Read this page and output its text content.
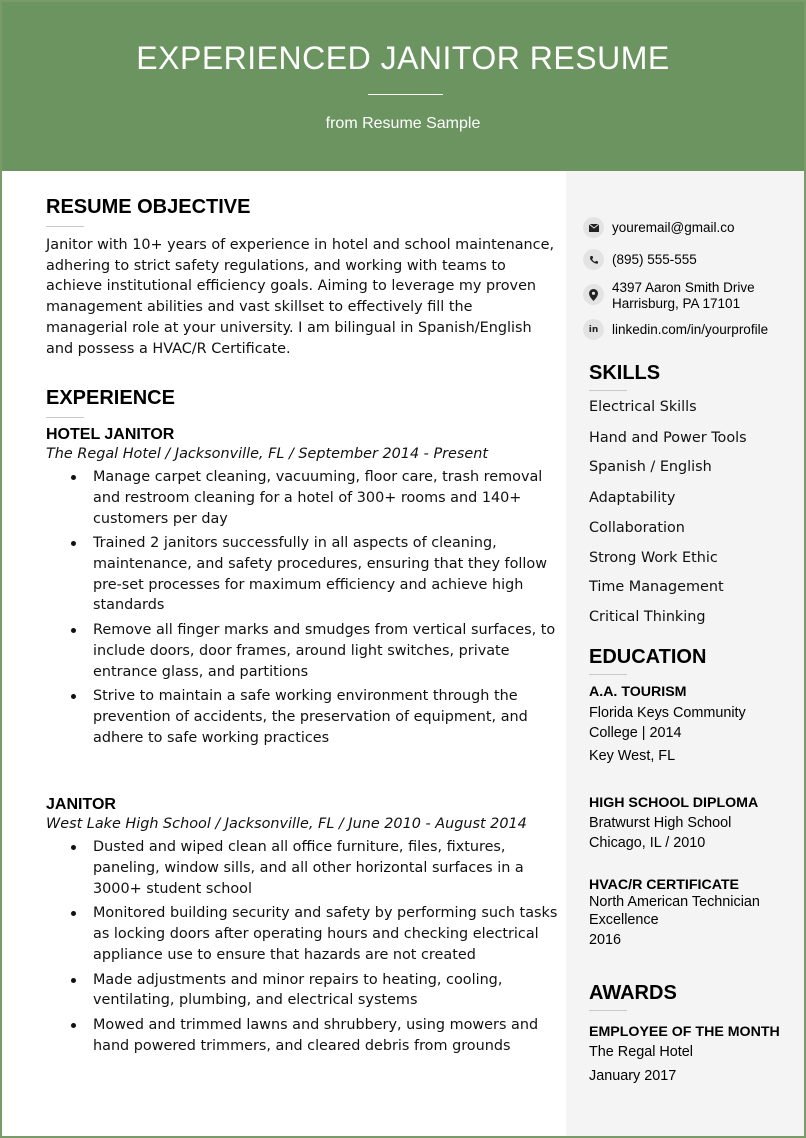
EXPERIENCED JANITOR RESUME
from Resume Sample
RESUME OBJECTIVE

Janitor with 10+ years of experience in hotel and school maintenance, adhering to strict safety regulations, and working with teams to achieve institutional efficiency goals. Aiming to leverage my proven management abilities and vast skillset to effectively fill the managerial role at your university. I am bilingual in Spanish/English and possess a HVAC/R Certificate.

EXPERIENCE
HOTEL JANITOR
The Regal Hotel / Jacksonville, FL / September 2014 - Present
Manage carpet cleaning, vacuuming, floor care, trash removal and restroom cleaning for a hotel of 300+ rooms and 140+ customers per day
Trained 2 janitors successfully in all aspects of cleaning, maintenance, and safety procedures, ensuring that they follow pre-set processes for maximum efficiency and achieve high standards
Remove all finger marks and smudges from vertical surfaces, to include doors, door frames, around light switches, private entrance glass, and partitions
Strive to maintain a safe working environment through the prevention of accidents, the preservation of equipment, and adhere to safe working practices
JANITOR
West Lake High School / Jacksonville, FL / June 2010 - August 2014
Dusted and wiped clean all office furniture, files, fixtures, paneling, window sills, and all other horizontal surfaces in a 3000+ student school
Monitored building security and safety by performing such tasks as locking doors after operating hours and checking electrical appliance use to ensure that hazards are not created
Made adjustments and minor repairs to heating, cooling, ventilating, plumbing, and electrical systems
Mowed and trimmed lawns and shrubbery, using mowers and hand powered trimmers, and cleared debris from grounds
youremail@gmail.co
(895) 555-555
4397 Aaron Smith Drive
Harrisburg, PA 17101
in	linkedin.com/in/yourprofile
SKILLS
Electrical Skills
Hand and Power Tools
Spanish / English
Adaptability
Collaboration
Strong Work Ethic
Time Management
Critical Thinking
EDUCATION
A.A. TOURISM
Florida Keys Community
College | 2014
Key West, FL
HIGH SCHOOL DIPLOMA
Bratwurst High School
Chicago, IL / 2010
HVAC/R CERTIFICATE
North American Technician
Excellence
2016
AWARDS
EMPLOYEE OF THE MONTH
The Regal Hotel
January 2017
